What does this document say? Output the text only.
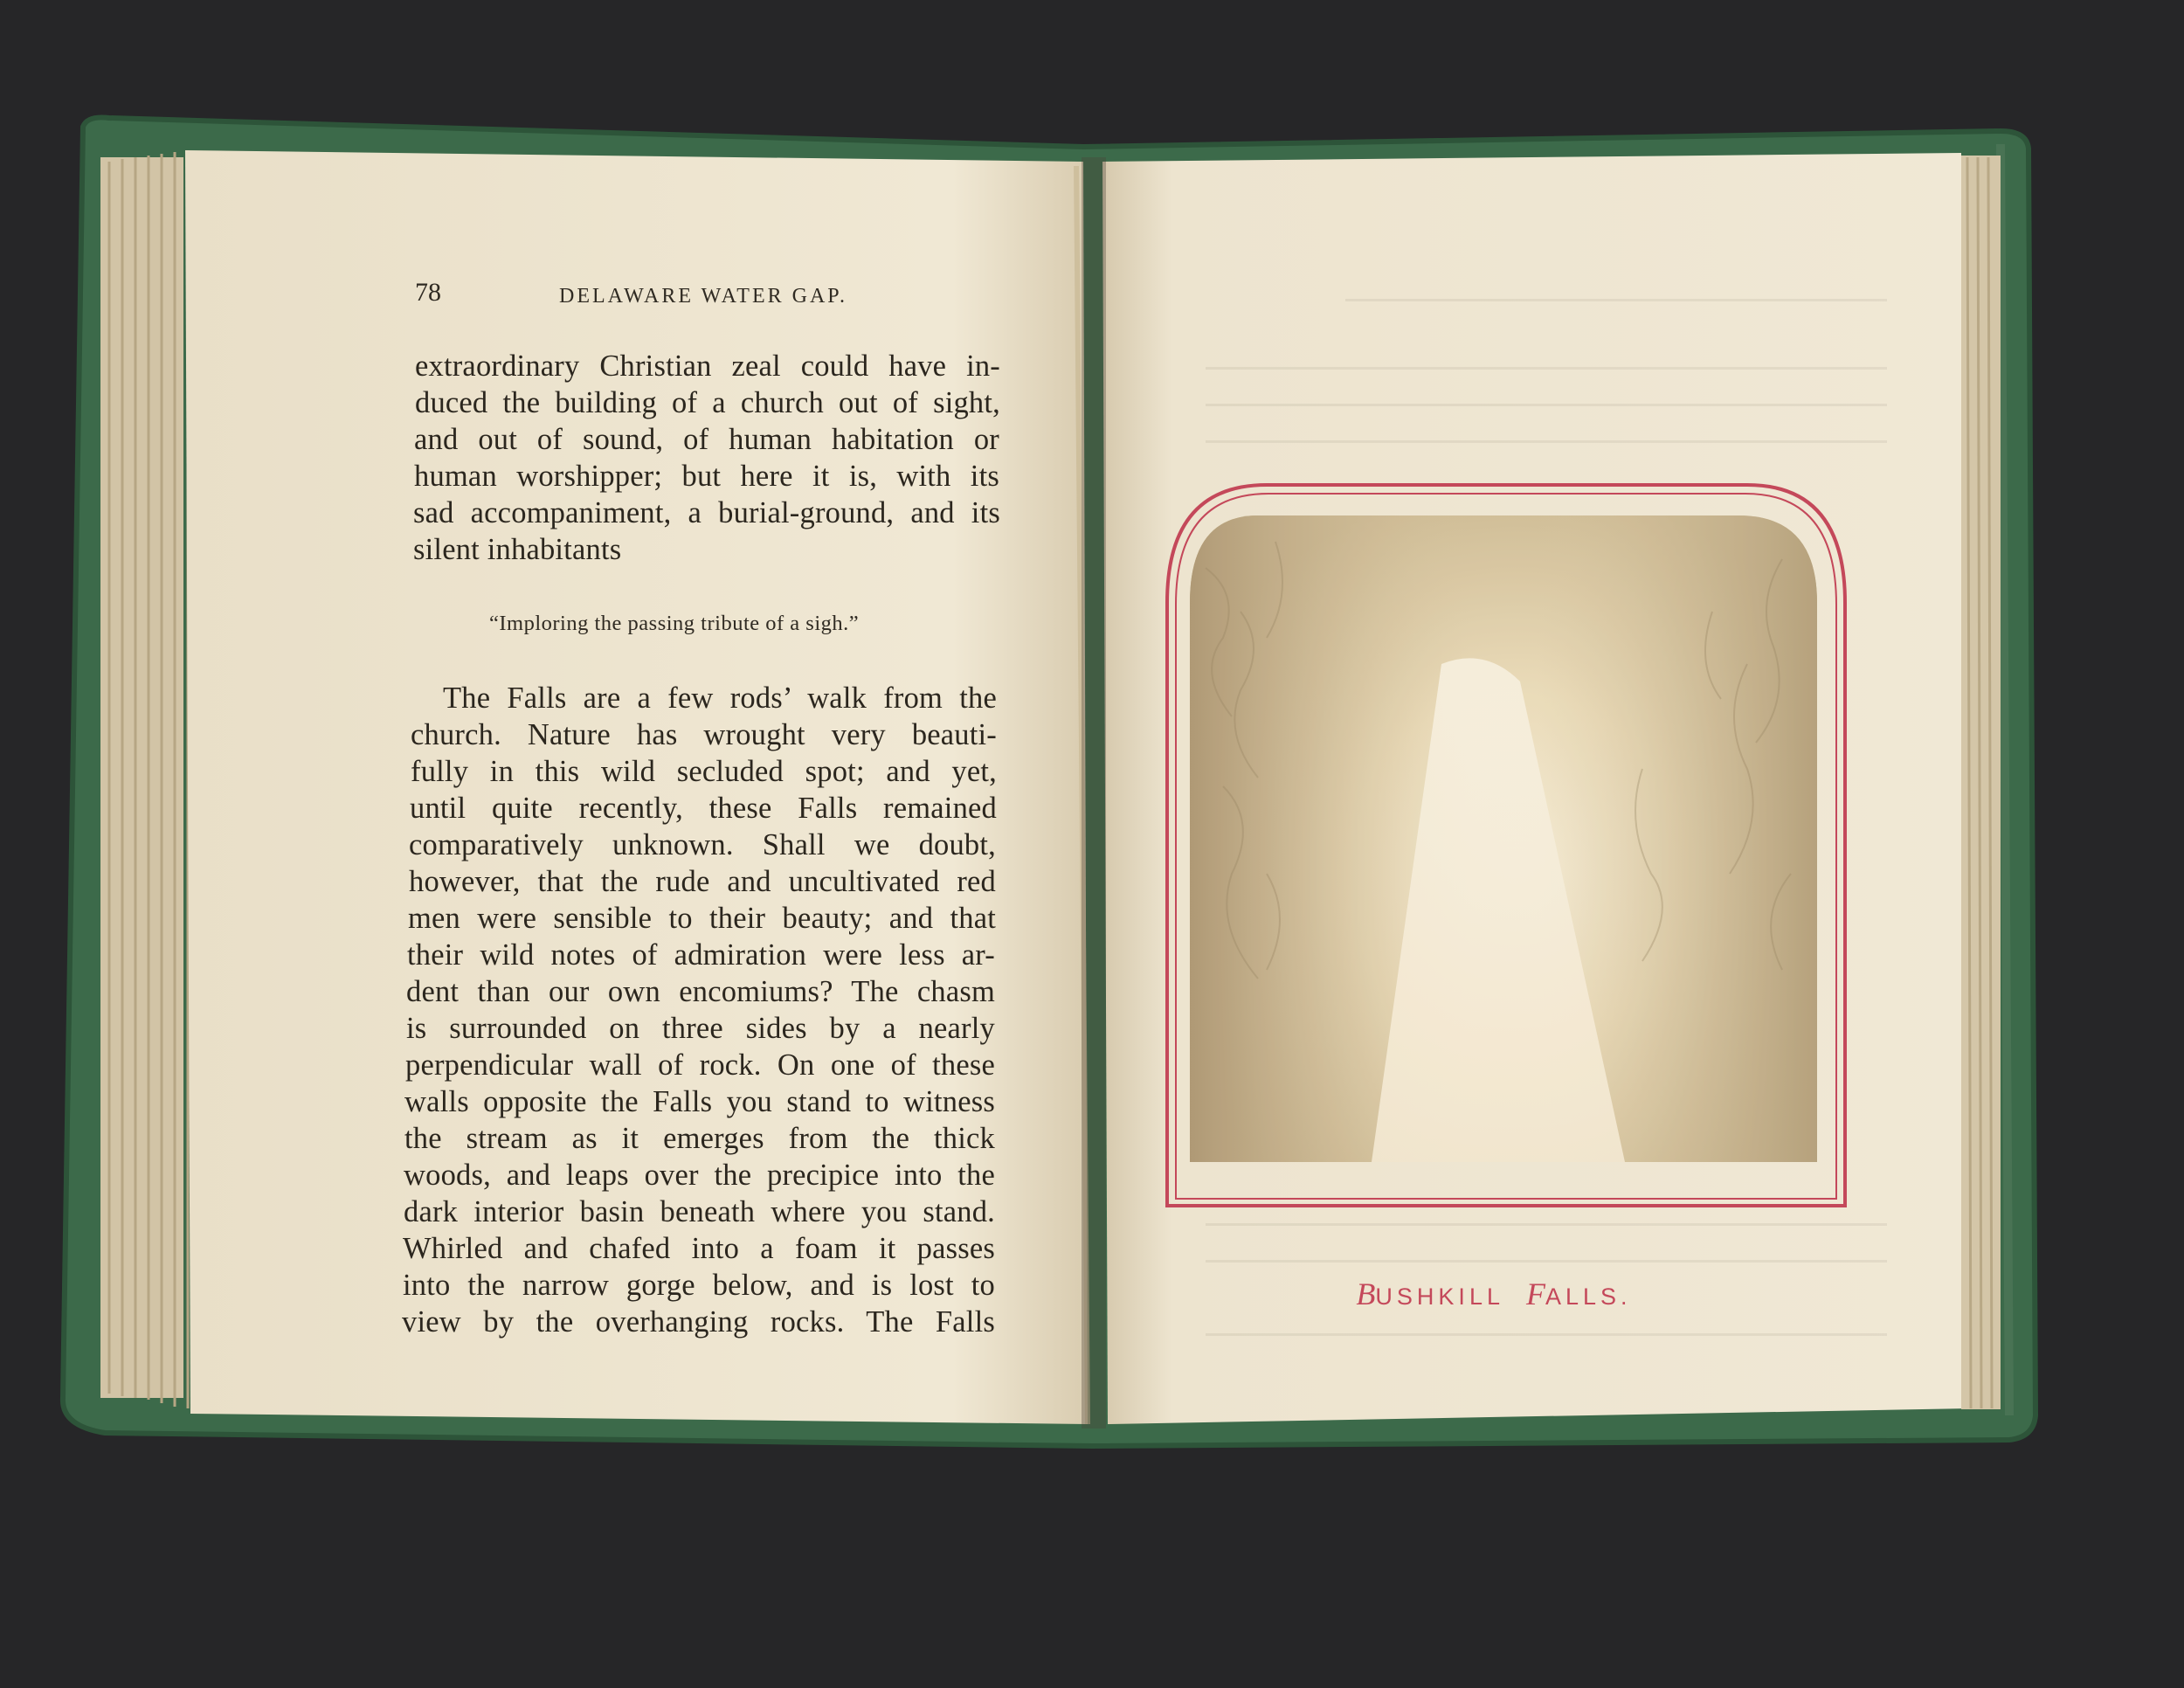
78	DELAWARE WATER GAP.
extraordinary Christian zeal could have in-
duced the building of a church out of sight,
and out of sound, of human habitation or
human worshipper; but here it is, with its
sad accompaniment, a burial-ground, and its
silent inhabitants
“Imploring the passing tribute of a sigh.”
The Falls are a few rods’ walk from the
church. Nature has wrought very beauti-
fully in this wild secluded spot; and yet,
until quite recently, these Falls remained
comparatively unknown. Shall we doubt,
however, that the rude and uncultivated red
men were sensible to their beauty; and that
their wild notes of admiration were less ar-
dent than our own encomiums? The chasm
is surrounded on three sides by a nearly
perpendicular wall of rock. On one of these
walls opposite the Falls you stand to witness
the stream as it emerges from the thick
woods, and leaps over the precipice into the
dark interior basin beneath where you stand.
Whirled and chafed into a foam it passes
into the narrow gorge below, and is lost to
view by the overhanging rocks. The Falls
BUSHKILL FALLS.
